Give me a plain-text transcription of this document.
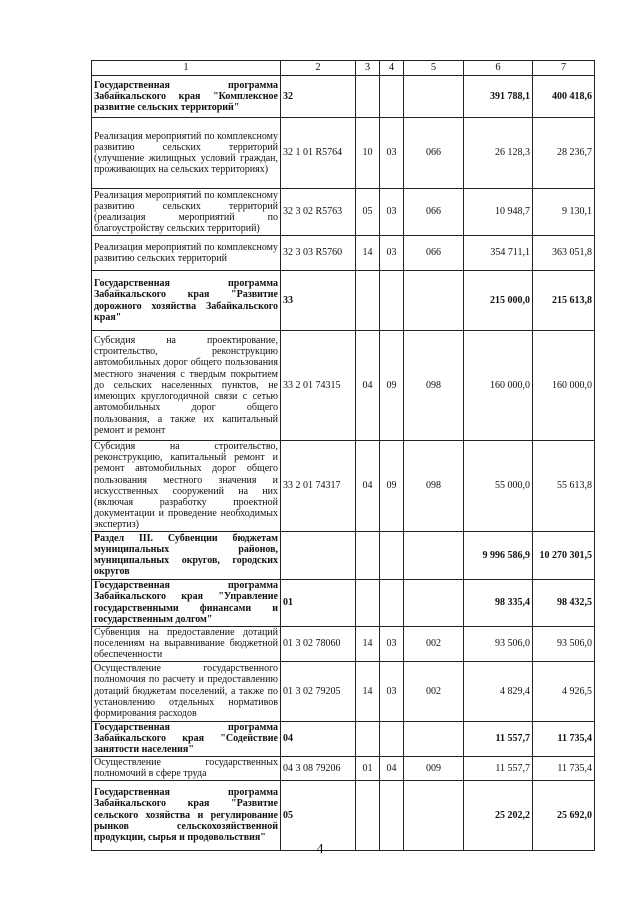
1	2	3	4	5	6	7
Государственная программа Забайкальского края "Комплексное развитие сельских территорий"	32				391 788,1	400 418,6
Реализация мероприятий по комплексному развитию сельских территорий (улучшение жилищных условий граждан, проживающих на сельских территориях)	32 1 01 R5764	10	03	066	26 128,3	28 236,7
Реализация мероприятий по комплексному развитию сельских территорий (реализация мероприятий по благоустройству сельских территорий)	32 3 02 R5763	05	03	066	10 948,7	9 130,1
Реализация мероприятий по комплексному развитию сельских территорий	32 3 03 R5760	14	03	066	354 711,1	363 051,8
Государственная программа Забайкальского края "Развитие дорожного хозяйства Забайкальского края"	33				215 000,0	215 613,8
Субсидия на проектирование, строительство, реконструкцию автомобильных дорог общего пользования местного значения с твердым покрытием до сельских населенных пунктов, не имеющих круглогодичной связи с сетью автомобильных дорог общего пользования, а также их капитальный ремонт и ремонт	33 2 01 74315	04	09	098	160 000,0	160 000,0
Субсидия на строительство, реконструкцию, капитальный ремонт и ремонт автомобильных дорог общего пользования местного значения и искусственных сооружений на них (включая разработку проектной документации и проведение необходимых экспертиз)	33 2 01 74317	04	09	098	55 000,0	55 613,8
Раздел III. Субвенции бюджетам муниципальных районов, муниципальных округов, городских округов					9 996 586,9	10 270 301,5
Государственная программа Забайкальского края "Управление государственными финансами и государственным долгом"	01				98 335,4	98 432,5
Субвенция на предоставление дотаций поселениям на выравнивание бюджетной обеспеченности	01 3 02 78060	14	03	002	93 506,0	93 506,0
Осуществление государственного полномочия по расчету и предоставлению дотаций бюджетам поселений, а также по установлению отдельных нормативов формирования расходов	01 3 02 79205	14	03	002	4 829,4	4 926,5
Государственная программа Забайкальского края "Содействие занятости населения"	04				11 557,7	11 735,4
Осуществление государственных полномочий в сфере труда	04 3 08 79206	01	04	009	11 557,7	11 735,4
Государственная программа Забайкальского края "Развитие сельского хозяйства и регулирование рынков сельскохозяйственной продукции, сырья и продовольствия"	05				25 202,2	25 692,0
4
